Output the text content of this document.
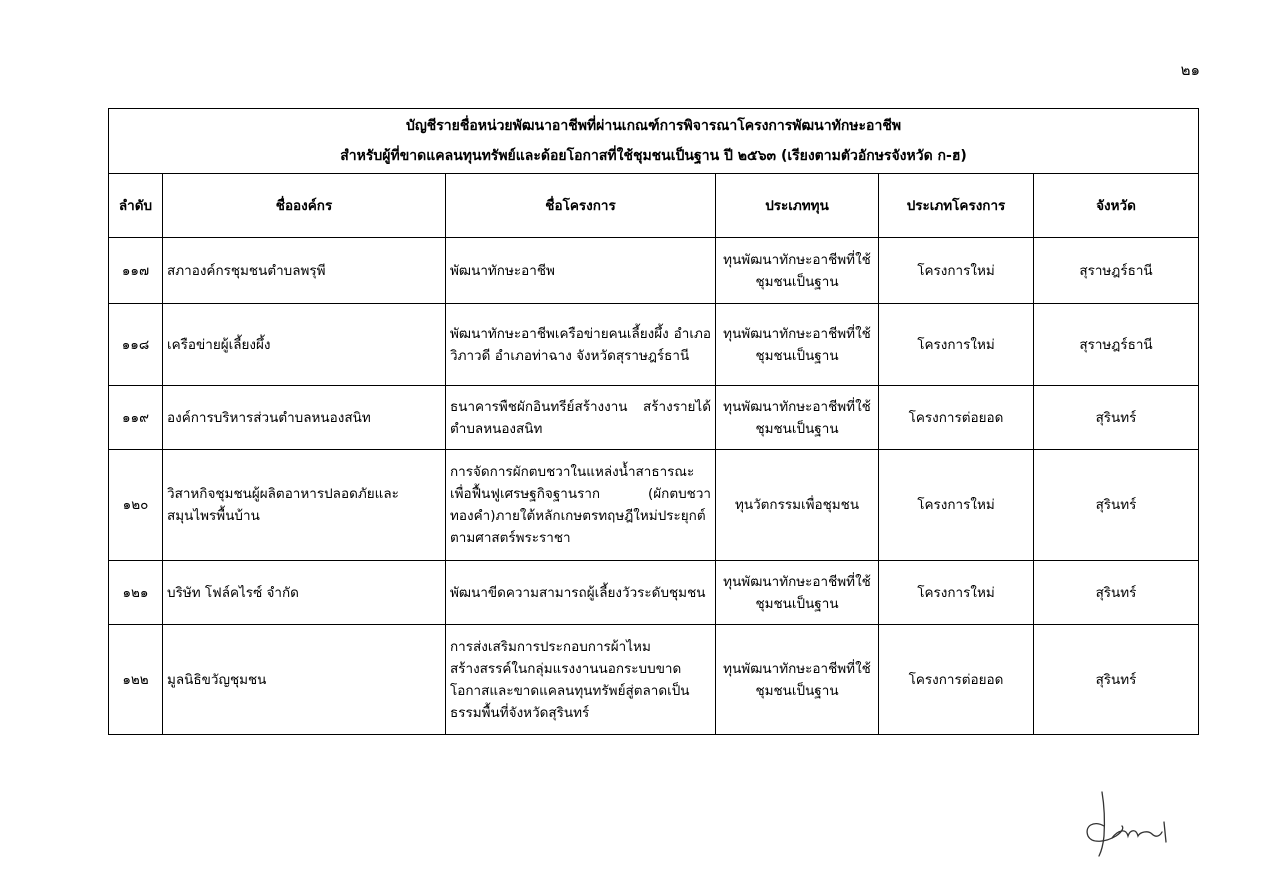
๒๑
บัญชีรายชื่อหน่วยพัฒนาอาชีพที่ผ่านเกณฑ์การพิจารณาโครงการพัฒนาทักษะอาชีพ
สำหรับผู้ที่ขาดแคลนทุนทรัพย์และด้อยโอกาสที่ใช้ชุมชนเป็นฐาน ปี ๒๕๖๓ (เรียงตามตัวอักษรจังหวัด ก-ฮ)					

ลำดับ	ชื่อองค์กร	ชื่อโครงการ	ประเภททุน	ประเภทโครงการ	จังหวัด
๑๑๗	สภาองค์กรชุมชนตำบลพรุพี	พัฒนาทักษะอาชีพ	ทุนพัฒนาทักษะอาชีพที่ใช้ชุมชนเป็นฐาน	โครงการใหม่	สุราษฎร์ธานี
๑๑๘	เครือข่ายผู้เลี้ยงผึ้ง	พัฒนาทักษะอาชีพเครือข่ายคนเลี้ยงผึ้ง อำเภอวิภาวดี อำเภอท่าฉาง จังหวัดสุราษฎร์ธานี	ทุนพัฒนาทักษะอาชีพที่ใช้ชุมชนเป็นฐาน	โครงการใหม่	สุราษฎร์ธานี
๑๑๙	องค์การบริหารส่วนตำบลหนองสนิท	ธนาคารพืชผักอินทรีย์สร้างงาน สร้างรายได้ตำบลหนองสนิท	ทุนพัฒนาทักษะอาชีพที่ใช้ชุมชนเป็นฐาน	โครงการต่อยอด	สุรินทร์
๑๒๐	วิสาหกิจชุมชนผู้ผลิตอาหารปลอดภัยและสมุนไพรพื้นบ้าน	การจัดการผักตบชวาในแหล่งน้ำสาธารณะ เพื่อฟื้นฟูเศรษฐกิจฐานราก (ผักตบชวาทองคำ)ภายใต้หลักเกษตรทฤษฎีใหม่ประยุกต์ ตามศาสตร์พระราชา	ทุนวัตกรรมเพื่อชุมชน	โครงการใหม่	สุรินทร์
๑๒๑	บริษัท โฟล์คไรซ์ จำกัด	พัฒนาขีดความสามารถผู้เลี้ยงวัวระดับชุมชน	ทุนพัฒนาทักษะอาชีพที่ใช้ชุมชนเป็นฐาน	โครงการใหม่	สุรินทร์
๑๒๒	มูลนิธิขวัญชุมชน	การส่งเสริมการประกอบการผ้าไหมสร้างสรรค์ในกลุ่มแรงงานนอกระบบขาดโอกาสและขาดแคลนทุนทรัพย์สู่ตลาดเป็นธรรมพื้นที่จังหวัดสุรินทร์	ทุนพัฒนาทักษะอาชีพที่ใช้ชุมชนเป็นฐาน	โครงการต่อยอด	สุรินทร์
